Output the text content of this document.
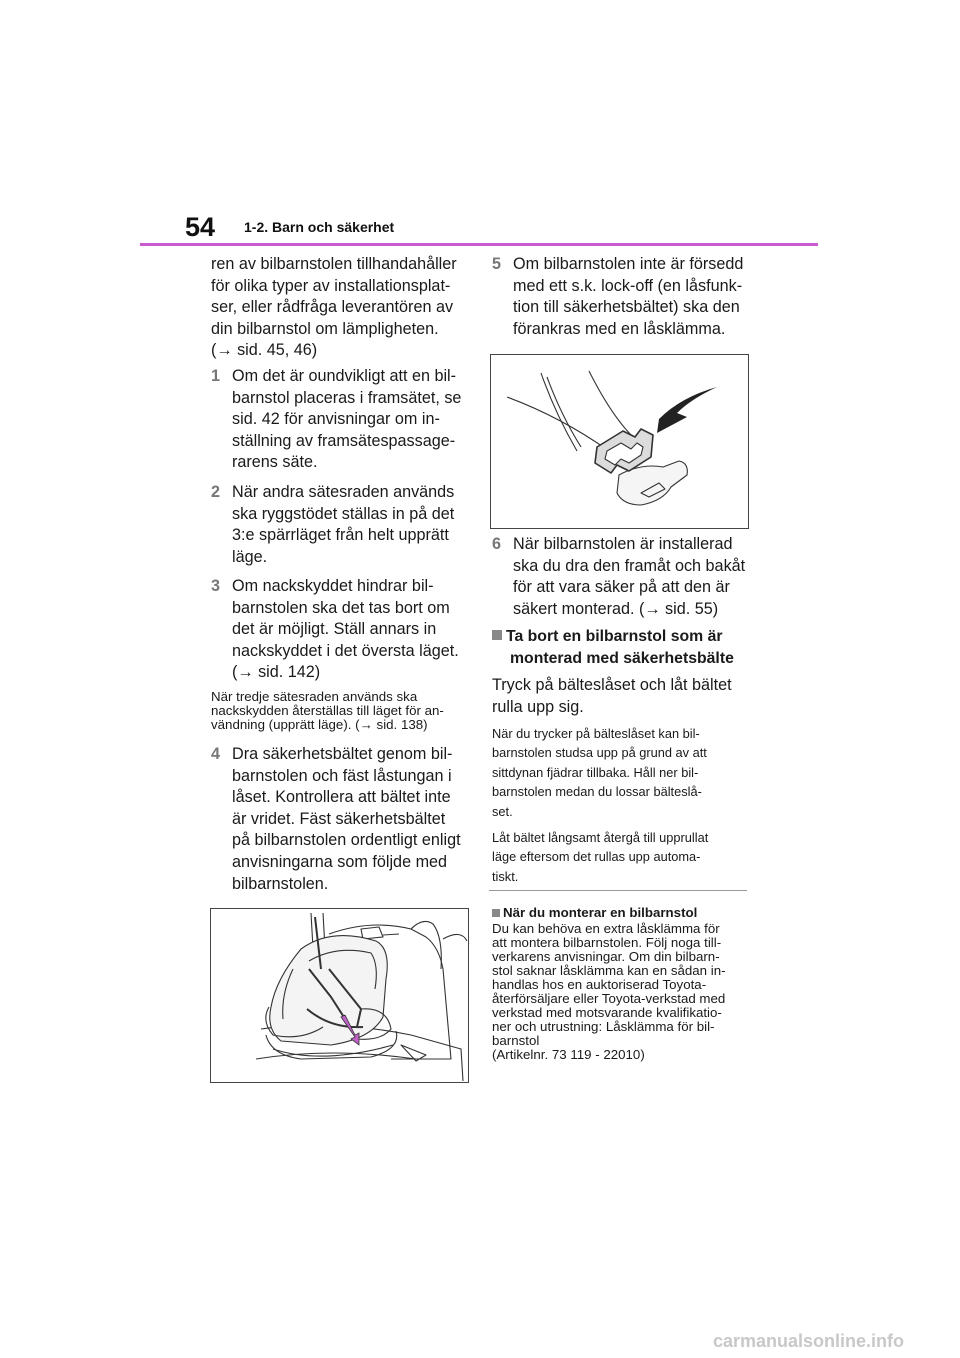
54 1-2. Barn och säkerhet
ren av bilbarnstolen tillhandahåller
för olika typer av installationsplat-
ser, eller rådfråga leverantören av
din bilbarnstol om lämpligheten.
(→ sid. 45, 46)
1 Om det är oundvikligt att en bil-
barnstol placeras i framsätet, se
sid. 42 för anvisningar om in-
ställning av framsätespassage-
rarens säte.
2 När andra sätesraden används
ska ryggstödet ställas in på det
3:e spärrläget från helt upprätt
läge.
3 Om nackskyddet hindrar bil-
barnstolen ska det tas bort om
det är möjligt. Ställ annars in
nackskyddet i det översta läget.
(→ sid. 142)
När tredje sätesraden används ska
nackskydden återställas till läget för an-
vändning (upprätt läge). (→ sid. 138)
4 Dra säkerhetsbältet genom bil-
barnstolen och fäst låstungan i
låset. Kontrollera att bältet inte
är vridet. Fäst säkerhetsbältet
på bilbarnstolen ordentligt enligt
anvisningarna som följde med
bilbarnstolen.
5 Om bilbarnstolen inte är försedd
med ett s.k. lock-off (en låsfunk-
tion till säkerhetsbältet) ska den
förankras med en låsklämma.
6 När bilbarnstolen är installerad
ska du dra den framåt och bakåt
för att vara säker på att den är
säkert monterad. (→ sid. 55)
Ta bort en bilbarnstol som är
monterad med säkerhetsbälte
Tryck på bälteslåset och låt bältet
rulla upp sig.
När du trycker på bälteslåset kan bil-
barnstolen studsa upp på grund av att
sittdynan fjädrar tillbaka. Håll ner bil-
barnstolen medan du lossar bälteslå-
set.
Låt bältet långsamt återgå till upprullat
läge eftersom det rullas upp automa-
tiskt.
När du monterar en bilbarnstol
Du kan behöva en extra låsklämma för
att montera bilbarnstolen. Följ noga till-
verkarens anvisningar. Om din bilbarn-
stol saknar låsklämma kan en sådan in-
handlas hos en auktoriserad Toyota-
återförsäljare eller Toyota-verkstad med
verkstad med motsvarande kvalifikatio-
ner och utrustning: Låsklämma för bil-
barnstol
(Artikelnr. 73 119 - 22010)
carmanualsonline.info
